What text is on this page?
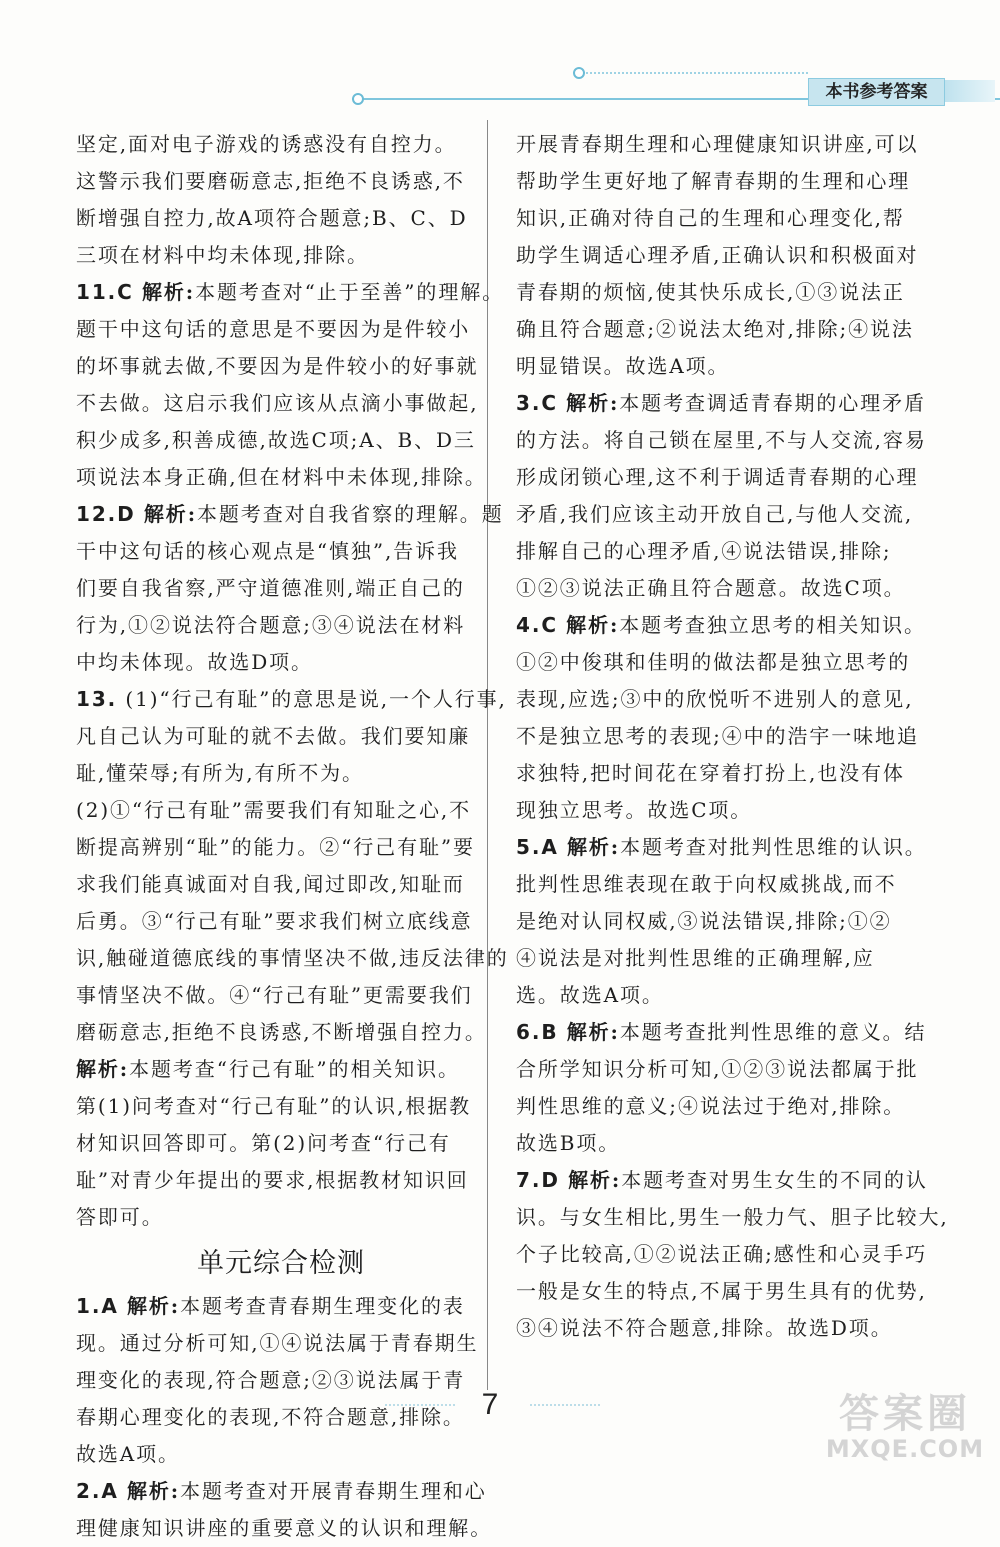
本书参考答案

坚定,面对电子游戏的诱惑没有自控力。

这警示我们要磨砺意志,拒绝不良诱惑,不

断增强自控力,故A项符合题意;B、C、D

三项在材料中均未体现,排除。

11.C 解析:本题考查对“止于至善”的理解。

题干中这句话的意思是不要因为是件较小

的坏事就去做,不要因为是件较小的好事就

不去做。这启示我们应该从点滴小事做起,

积少成多,积善成德,故选C项;A、B、D三

项说法本身正确,但在材料中未体现,排除。

12.D 解析:本题考查对自我省察的理解。题

干中这句话的核心观点是“慎独”,告诉我

们要自我省察,严守道德准则,端正自己的

行为,①②说法符合题意;③④说法在材料

中均未体现。故选D项。

13. (1)“行己有耻”的意思是说,一个人行事,

凡自己认为可耻的就不去做。我们要知廉

耻,懂荣辱;有所为,有所不为。

(2)①“行己有耻”需要我们有知耻之心,不

断提高辨别“耻”的能力。②“行己有耻”要

求我们能真诚面对自我,闻过即改,知耻而

后勇。③“行己有耻”要求我们树立底线意

识,触碰道德底线的事情坚决不做,违反法律的

事情坚决不做。④“行己有耻”更需要我们

磨砺意志,拒绝不良诱惑,不断增强自控力。

解析:本题考查“行己有耻”的相关知识。

第(1)问考查对“行己有耻”的认识,根据教

材知识回答即可。第(2)问考查“行己有

耻”对青少年提出的要求,根据教材知识回

答即可。

单元综合检测

1.A 解析:本题考查青春期生理变化的表

现。通过分析可知,①④说法属于青春期生

理变化的表现,符合题意;②③说法属于青

春期心理变化的表现,不符合题意,排除。

故选A项。

2.A 解析:本题考查对开展青春期生理和心

理健康知识讲座的重要意义的认识和理解。

开展青春期生理和心理健康知识讲座,可以

帮助学生更好地了解青春期的生理和心理

知识,正确对待自己的生理和心理变化,帮

助学生调适心理矛盾,正确认识和积极面对

青春期的烦恼,使其快乐成长,①③说法正

确且符合题意;②说法太绝对,排除;④说法

明显错误。故选A项。

3.C 解析:本题考查调适青春期的心理矛盾

的方法。将自己锁在屋里,不与人交流,容易

形成闭锁心理,这不利于调适青春期的心理

矛盾,我们应该主动开放自己,与他人交流,

排解自己的心理矛盾,④说法错误,排除;

①②③说法正确且符合题意。故选C项。

4.C 解析:本题考查独立思考的相关知识。

①②中俊琪和佳明的做法都是独立思考的

表现,应选;③中的欣悦听不进别人的意见,

不是独立思考的表现;④中的浩宇一味地追

求独特,把时间花在穿着打扮上,也没有体

现独立思考。故选C项。

5.A 解析:本题考查对批判性思维的认识。

批判性思维表现在敢于向权威挑战,而不

是绝对认同权威,③说法错误,排除;①②

④说法是对批判性思维的正确理解,应

选。故选A项。

6.B 解析:本题考查批判性思维的意义。结

合所学知识分析可知,①②③说法都属于批

判性思维的意义;④说法过于绝对,排除。

故选B项。

7.D 解析:本题考查对男生女生的不同的认

识。与女生相比,男生一般力气、胆子比较大,

个子比较高,①②说法正确;感性和心灵手巧

一般是女生的特点,不属于男生具有的优势,

③④说法不符合题意,排除。故选D项。

7	答案圈
MXQE.COM
